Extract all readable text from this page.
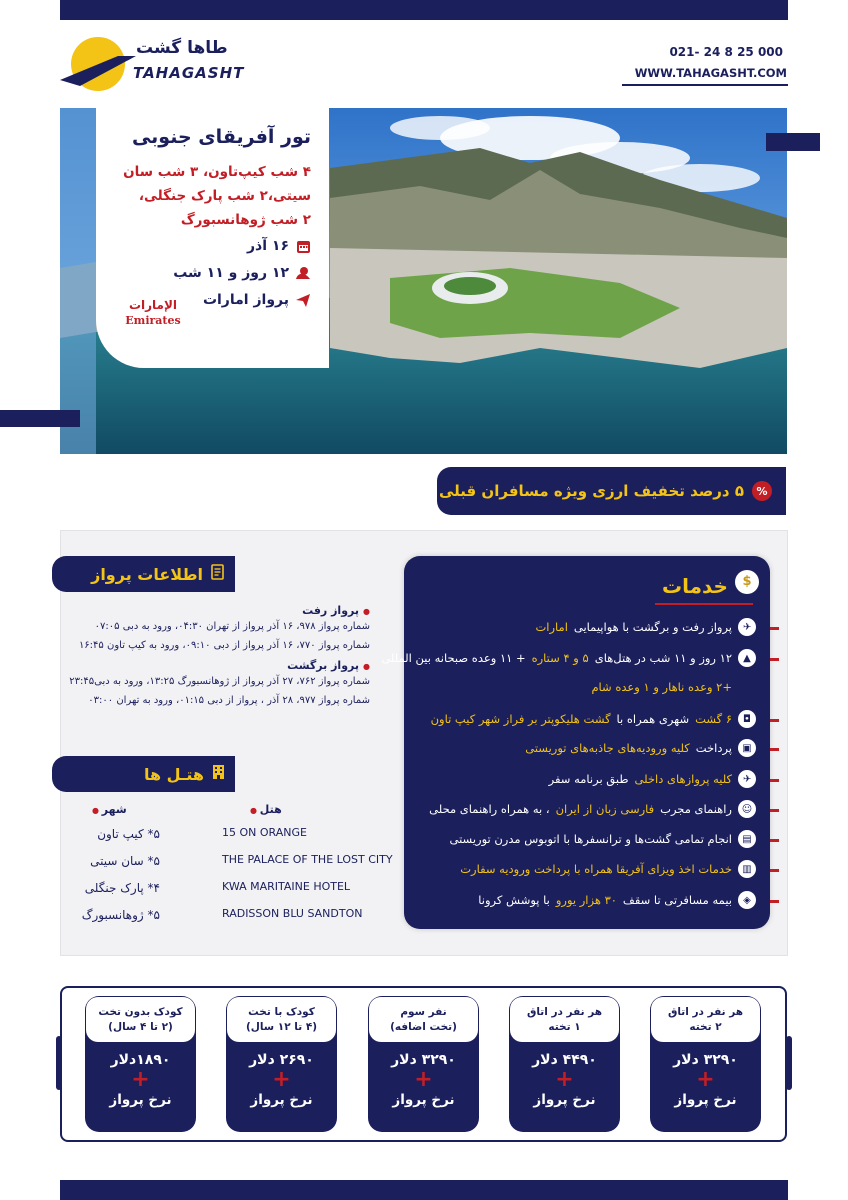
طاها گشت
TAHAGASHT
021- 24 8 25 000
WWW.TAHAGASHT.COM
تور آفریقای جنوبی
۴ شب کیپ‌تاون، ۳ شب سان
سیتی،۲ شب پارک جنگلی،
۲ شب ژوهانسبورگ
۱۶ آذر
۱۲ روز و ۱۱ شب
پرواز امارات
الإمارات
Emirates
%
۵ درصد تخفیف ارزی ویژه مسافران قبلی
اطلاعات پرواز
● پرواز رفت
شماره پرواز ۹۷۸، ۱۶ آذر پرواز از تهران ۰۴:۳۰، ورود به دبی ۰۷:۰۵
شماره پرواز ۷۷۰، ۱۶ آذر پرواز از دبی ۰۹:۱۰، ورود به کیپ تاون ۱۶:۴۵
● پرواز برگشت
شماره پرواز ۷۶۲، ۲۷ آذر پرواز از ژوهانسبورگ ۱۳:۲۵، ورود به دبی۲۳:۴۵
شماره پرواز ۹۷۷، ۲۸ آذر ، پرواز از دبی ۰۱:۱۵، ورود به تهران ۰۳:۰۰
هتـل ها
هتل ●
شهر ●
۵* کیپ تاون	15 ON ORANGE
۵* سان سیتی	THE PALACE OF THE LOST CITY
۴* پارک جنگلی	KWA MARITAINE HOTEL
۵* ژوهانسبورگ	RADISSON BLU SANDTON
خدمات	$
✈
پرواز رفت و برگشت با هواپیمایی
امارات
▲
۱۲ روز و ۱۱ شب در هتل‌های
۵ و ۴ ستاره
+ ۱۱ وعده صبحانه بین المللی
+۲ وعده ناهار و ۱ وعده شام
◘
۶ گشت
شهری همراه با
گشت هلیکوپتر بر فراز شهر کیپ تاون
▣
پرداخت
کلیه ورودیه‌های جاذبه‌های توریستی
✈
کلیه پروازهای داخلی
طبق برنامه سفر
☺
راهنمای مجرب
فارسی زبان از ایران
، به همراه راهنمای محلی
▤
انجام تمامی گشت‌ها و ترانسفرها با اتوبوس مدرن توریستی
▥
خدمات اخذ ویزای آفریقا همراه با پرداخت ورودیه سفارت
◈
بیمه مسافرتی تا سقف
۳۰ هزار یورو
با پوشش کرونا
هر نفر در اتاق
۲ تخته
۳۲۹۰ دلار
+
نرخ پرواز
هر نفر در اتاق
۱ تخته
۴۴۹۰ دلار
+
نرخ پرواز
نفر سوم
(تخت اضافه)
۳۲۹۰ دلار
+
نرخ پرواز
کودک با تخت
(۴ تا ۱۲ سال)
۲۶۹۰ دلار
+
نرخ پرواز
کودک بدون تخت
(۲ تا ۴ سال)
۱۸۹۰دلار
+
نرخ پرواز
